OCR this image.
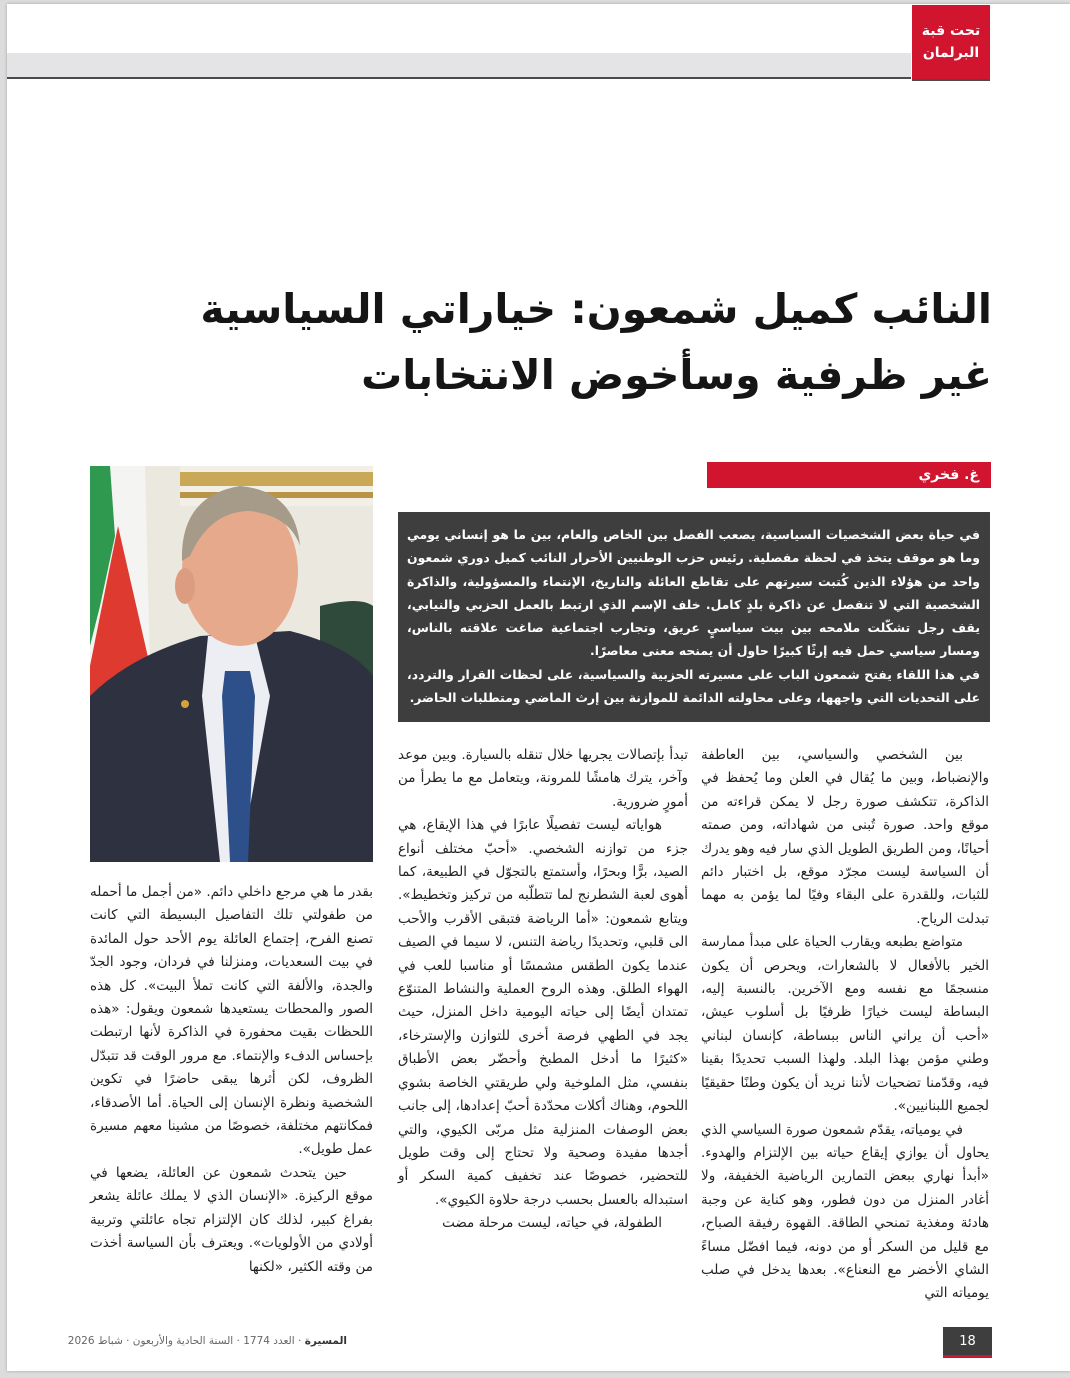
تحت قبة
البرلمان
النائب كميل شمعون: خياراتي السياسية
غير ظرفية وسأخوض الانتخابات
غ. فخري

في حياة بعض الشخصيات السياسية، يصعب الفصل بين الخاص والعام، بين ما هو إنساني يومي وما هو موقف يتخذ في لحظة مفصلية. رئيس حزب الوطنيين الأحرار النائب كميل دوري شمعون واحد من هؤلاء الذين كُتبت سيرتهم على تقاطع العائلة والتاريخ، الإنتماء والمسؤولية، والذاكرة الشخصية التي لا تنفصل عن ذاكرة بلدٍ كامل. خلف الإسم الذي ارتبط بالعمل الحزبي والنيابي، يقف رجل تشكّلت ملامحه بين بيت سياسيٍ عريق، وتجارب اجتماعية صاغت علاقته بالناس، ومسار سياسي حمل فيه إرثًا كبيرًا حاول أن يمنحه معنى معاصرًا.

في هذا اللقاء يفتح شمعون الباب على مسيرته الحزبية والسياسية، على لحظات القرار والتردد، على التحديات التي واجهها، وعلى محاولته الدائمة للموازنة بين إرث الماضي ومتطلبات الحاضر.

بين الشخصي والسياسي، بين العاطفة والإنضباط، وبين ما يُقال في العلن وما يُحفظ في الذاكرة، تتكشف صورة رجل لا يمكن قراءته من موقع واحد. صورة تُبنى من شهاداته، ومن صمته أحيانًا، ومن الطريق الطويل الذي سار فيه وهو يدرك أن السياسة ليست مجرّد موقع، بل اختبار دائم للثبات، وللقدرة على البقاء وفيًا لما يؤمن به مهما تبدلت الرياح.

متواضع بطبعه ويقارب الحياة على مبدأ ممارسة الخير بالأفعال لا بالشعارات، ويحرص أن يكون منسجمًا مع نفسه ومع الآخرين. بالنسبة إليه، البساطة ليست خيارًا ظرفيًا بل أسلوب عيش، «أحب أن يراني الناس ببساطة، كإنسان لبناني وطني مؤمن بهذا البلد. ولهذا السبب تحديدًا بقينا فيه، وقدّمنا تضحيات لأننا نريد أن يكون وطنًا حقيقيًا لجميع اللبنانيين».

في يومياته، يقدّم شمعون صورة السياسي الذي يحاول أن يوازي إيقاع حياته بين الإلتزام والهدوء. «أبدأ نهاري ببعض التمارين الرياضية الخفيفة، ولا أغادر المنزل من دون فطور، وهو كناية عن وجبة هادئة ومغذية تمنحي الطاقة. القهوة رفيقة الصباح، مع قليل من السكر أو من دونه، فيما افضّل مساءً الشاي الأخضر مع النعناع». بعدها يدخل في صلب يومياته التي

تبدأ بإتصالات يجريها خلال تنقله بالسيارة. وبين موعد وآخر، يترك هامشًا للمرونة، ويتعامل مع ما يطرأ من أمورٍ ضرورية.

هواياته ليست تفصيلًا عابرًا في هذا الإيقاع، هي جزء من توازنه الشخصي. «أحبّ مختلف أنواع الصيد، برًّا وبحرًا، وأستمتع بالتجوّل في الطبيعة، كما أهوى لعبة الشطرنج لما تتطلّبه من تركيز وتخطيط». ويتابع شمعون: «أما الرياضة فتبقى الأقرب والأحب الى قلبي، وتحديدًا رياضة التنس، لا سيما في الصيف عندما يكون الطقس مشمسًا أو مناسبا للعب في الهواء الطلق. وهذه الروح العملية والنشاط المتنوّع تمتدان أيضًا إلى حياته اليومية داخل المنزل، حيث يجد في الطهي فرصة أخرى للتوازن والإسترخاء، «كثيرًا ما أدخل المطبخ وأحضّر بعض الأطباق بنفسي، مثل الملوخية ولي طريقتي الخاصة بشوي اللحوم، وهناك أكلات محدّدة أحبّ إعدادها، إلى جانب بعض الوصفات المنزلية مثل مربّى الكيوي، والتي أجدها مفيدة وصحية ولا تحتاج إلى وقت طويل للتحضير، خصوصًا عند تخفيف كمية السكر أو استبداله بالعسل بحسب درجة حلاوة الكيوي».

الطفولة، في حياته، ليست مرحلة مضت

بقدر ما هي مرجع داخلي دائم. «من أجمل ما أحمله من طفولتي تلك التفاصيل البسيطة التي كانت تصنع الفرح، إجتماع العائلة يوم الأحد حول المائدة في بيت السعديات، ومنزلنا في فردان، وجود الجدّ والجدة، والألفة التي كانت تملأ البيت». كل هذه الصور والمحطات يستعيدها شمعون ويقول: «هذه اللحظات بقيت محفورة في الذاكرة لأنها ارتبطت بإحساس الدفء والإنتماء. مع مرور الوقت قد تتبدّل الظروف، لكن أثرها يبقى حاضرًا في تكوين الشخصية ونظرة الإنسان إلى الحياة. أما الأصدقاء، فمكانتهم مختلفة، خصوصًا من مشينا معهم مسيرة عمل طويل».

حين يتحدث شمعون عن العائلة، يضعها في موقع الركيزة. «الإنسان الذي لا يملك عائلة يشعر بفراغ كبير، لذلك كان الإلتزام تجاه عائلتي وتربية أولادي من الأولويات». ويعترف بأن السياسة أخذت من وقته الكثير، «لكنها

المسيرة · العدد 1774 · السنة الحادية والأربعون · شباط 2026	18
